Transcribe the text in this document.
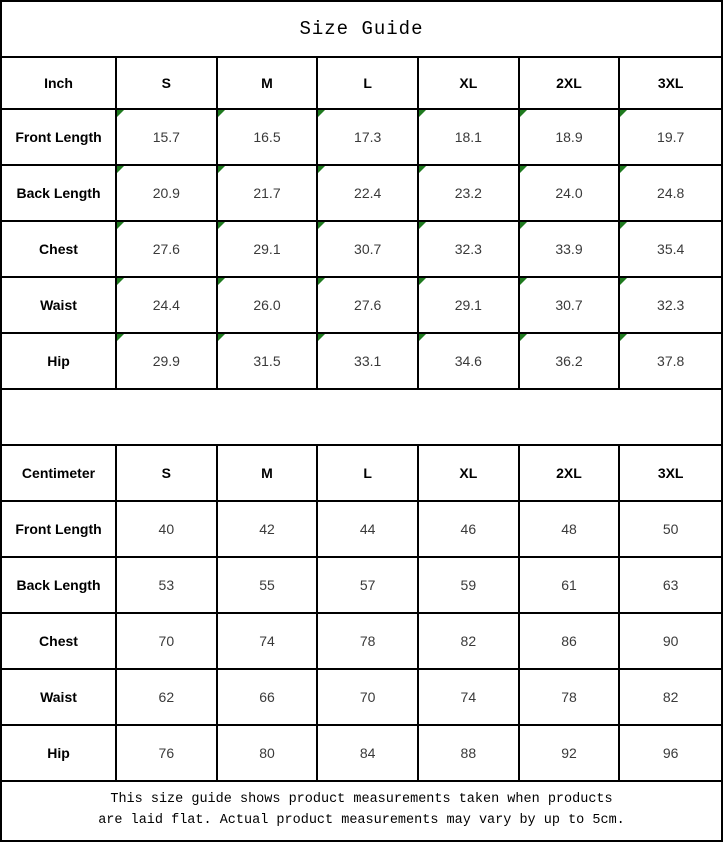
Size Guide
Inch	S	M	L	XL	2XL	3XL
Front Length	15.7	16.5	17.3	18.1	18.9	19.7
Back Length	20.9	21.7	22.4	23.2	24.0	24.8
Chest	27.6	29.1	30.7	32.3	33.9	35.4
Waist	24.4	26.0	27.6	29.1	30.7	32.3
Hip	29.9	31.5	33.1	34.6	36.2	37.8
Centimeter	S	M	L	XL	2XL	3XL
Front Length	40	42	44	46	48	50
Back Length	53	55	57	59	61	63
Chest	70	74	78	82	86	90
Waist	62	66	70	74	78	82
Hip	76	80	84	88	92	96
This size guide shows product measurements taken when products
are laid flat. Actual product measurements may vary by up to 5cm.
